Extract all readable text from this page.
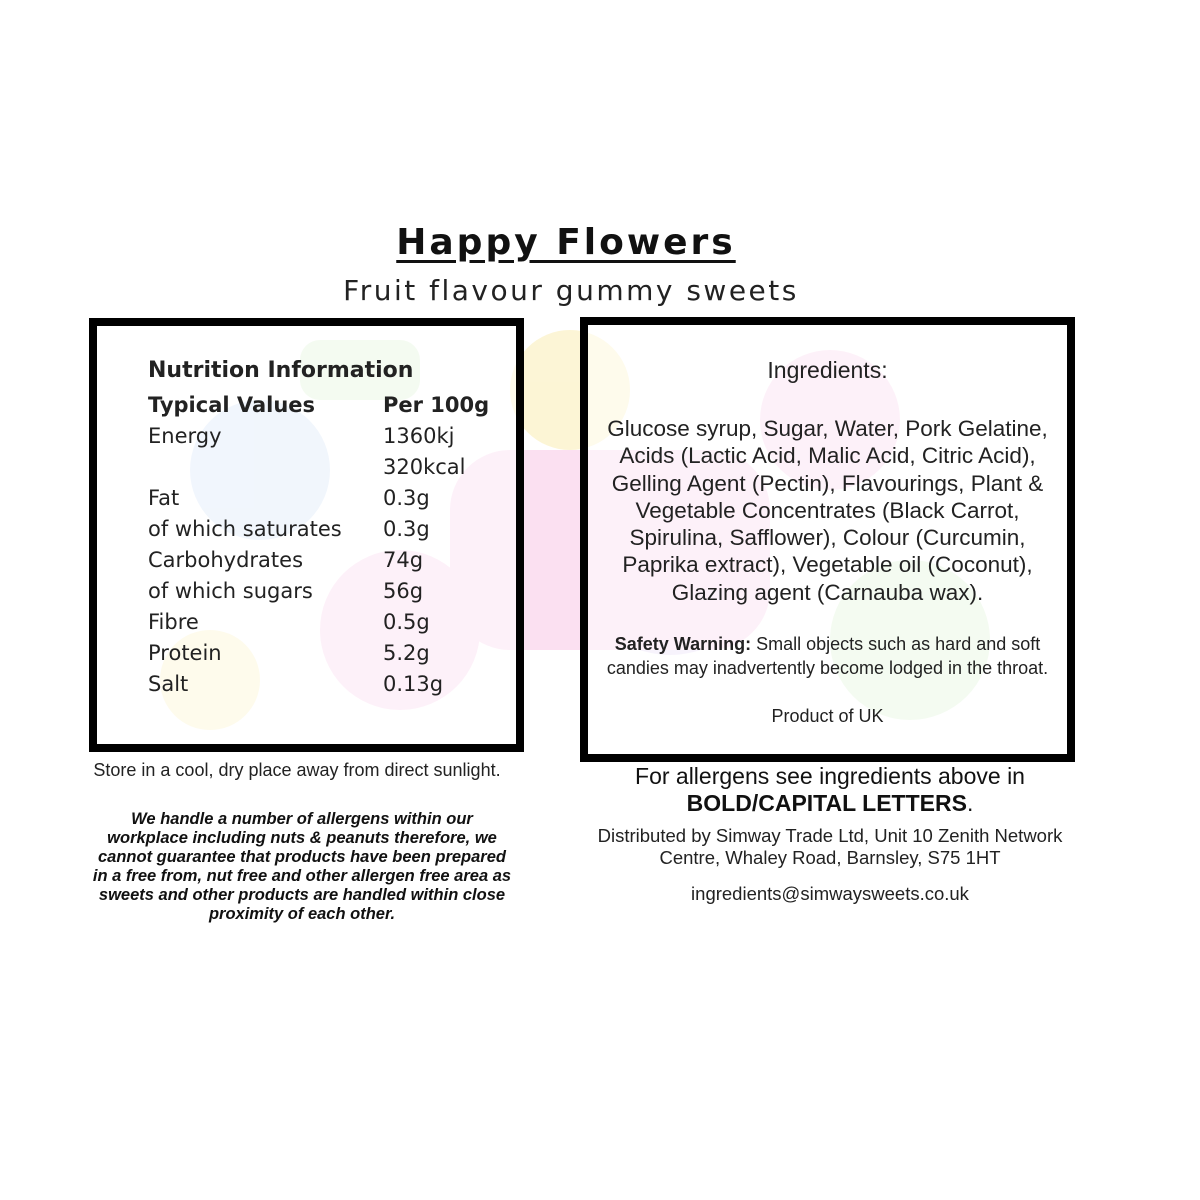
Happy Flowers
Fruit flavour gummy sweets
Nutrition Information
Typical Values	Per 100g
Energy	1360kj
320kcal
Fat	0.3g
of which saturates	0.3g
Carbohydrates	74g
of which sugars	56g
Fibre	0.5g
Protein	5.2g
Salt	0.13g
Ingredients:
Glucose syrup, Sugar, Water, Pork Gelatine, Acids (Lactic Acid, Malic Acid, Citric Acid), Gelling Agent (Pectin), Flavourings, Plant & Vegetable Concentrates (Black Carrot, Spirulina, Safflower), Colour (Curcumin, Paprika extract), Vegetable oil (Coconut), Glazing agent (Carnauba wax).
Safety Warning: Small objects such as hard and soft candies may inadvertently become lodged in the throat.
Product of UK
Store in a cool, dry place away from direct sunlight.
We handle a number of allergens within our workplace including nuts & peanuts therefore, we cannot guarantee that products have been prepared in a free from, nut free and other allergen free area as sweets and other products are handled within close proximity of each other.
For allergens see ingredients above in
BOLD/CAPITAL LETTERS.
Distributed by Simway Trade Ltd, Unit 10 Zenith Network Centre, Whaley Road, Barnsley, S75 1HT
ingredients@simwaysweets.co.uk
